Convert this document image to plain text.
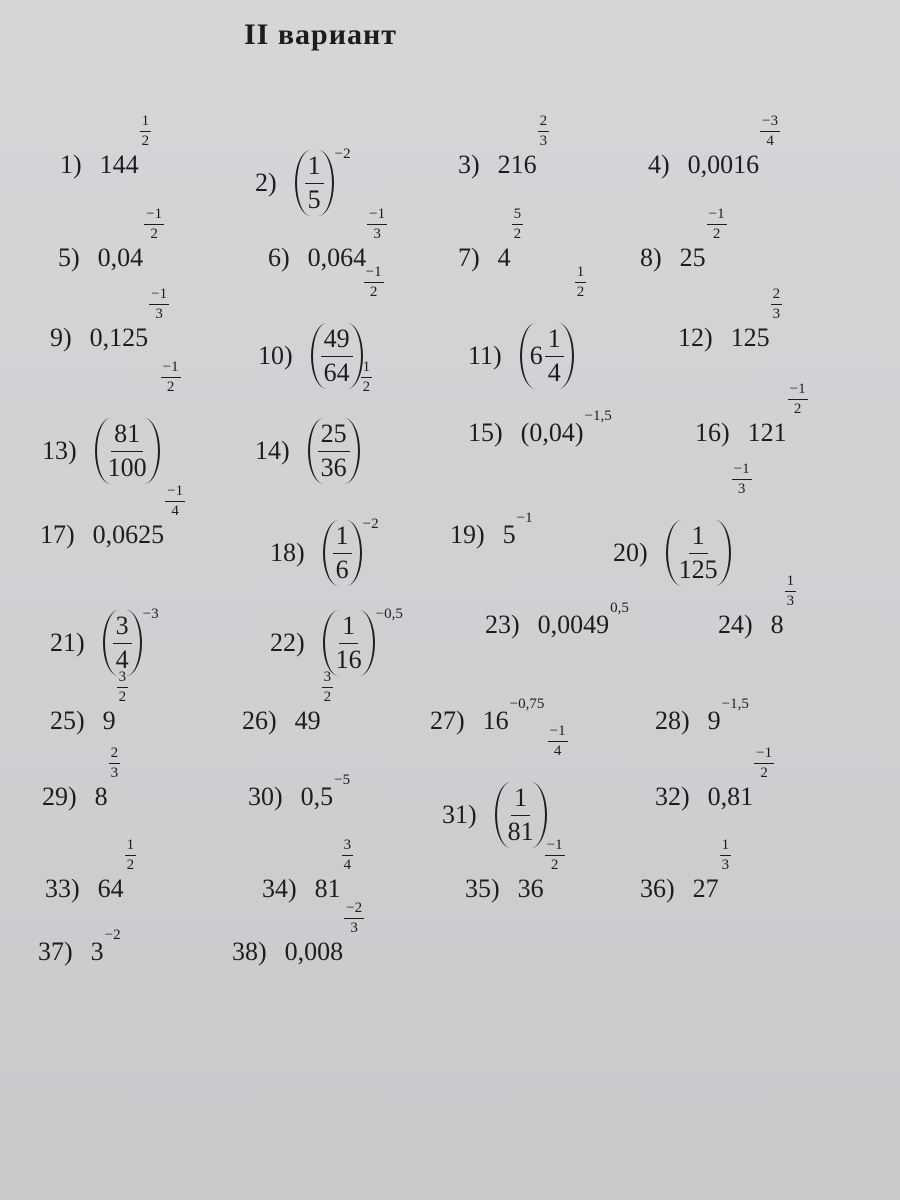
II вариант
1) 144
$\frac{1}{2}$
$2) \frac{1}{5} -2$	3) 216
$\frac{2}{3}$
4) 0,0016
$\frac{-3}{4}$
5) 0,04
$\frac{-1}{2}$
6) 0,064
$\frac{-1}{3}$
7) 4
$\frac{5}{2}$
8) 25
$\frac{-1}{2}$
9) 0,125
$\frac{-1}{3}$
$10) \frac{49}{64}$
$\frac{-1}{2}$
11) $6 \frac{1}{4}$
$\frac{1}{2}$
12) 125
$\frac{2}{3}$
$13) \frac{81}{100}$
$\frac{-1}{2}$
$14) \frac{25}{36}$
$\frac{1}{2}$
15) (0,04)
−1,5
16) 121
$\frac{-1}{2}$
17) 0,0625
$\frac{-1}{4}$
$18) \frac{1}{6} -2$	19) 5
−1
$20) \frac{1}{125}$
$\frac{-1}{3}$
$21) \frac{3}{4} -3$
$22) \frac{1}{16} -0,5$	23) 0,0049
0,5
24) 8
$\frac{1}{3}$
25) 9
$\frac{3}{2}$
26) 49
$\frac{3}{2}$
27) 16
−0,75
28) 9
−1,5
29) 8
$\frac{2}{3}$
30) 0,5
−5
$31) \frac{1}{81}$
$\frac{-1}{4}$
32) 0,81
$\frac{-1}{2}$
33) 64
$\frac{1}{2}$
34) 81
$\frac{3}{4}$
35) 36
$\frac{-1}{2}$
36) 27
$\frac{1}{3}$
37) 3
−2
38) 0,008
$\frac{-2}{3}$
